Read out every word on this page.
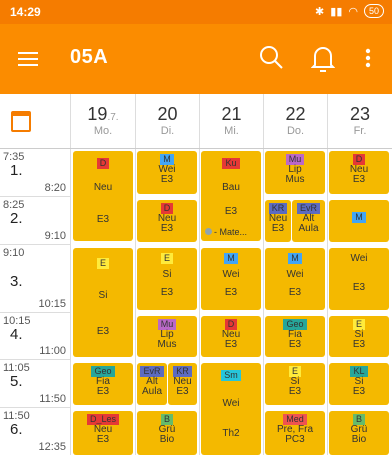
14:29	✱ ▮▮ ◠	50
05A
19.7.
Mo.
20
Di.
21
Mi.
22
Do.
23
Fr.
7:35
1.
8:20
8:25
2.
9:10
9:10
3.
10:15
10:15
4.
11:00
11:05
5.
11:50
11:50
6.
12:35
D
Neu
E3
E
Si
E3
Geo
Fia
E3
D_Les
Neu
E3
M
Wei
E3
D
Neu
E3
E
Si
E3
Mu
Lip
Mus
EvR
Alt
Aula
KR
Neu
E3
B
Grü
Bio
Ku
Bau
E3
- Mate...
M
Wei
E3
D
Neu
E3
Sm
Wei
Th2
Mu
Lip
Mus
KR
Neu
E3
EvR
Alt
Aula
M
Wei
E3
Geo
Fia
E3
E
Si
E3
Med
Pre, Fra
PC3
D
Neu
E3
M
Wei
E3
E
Si
E3
KL
Si
E3
B
Grü
Bio
